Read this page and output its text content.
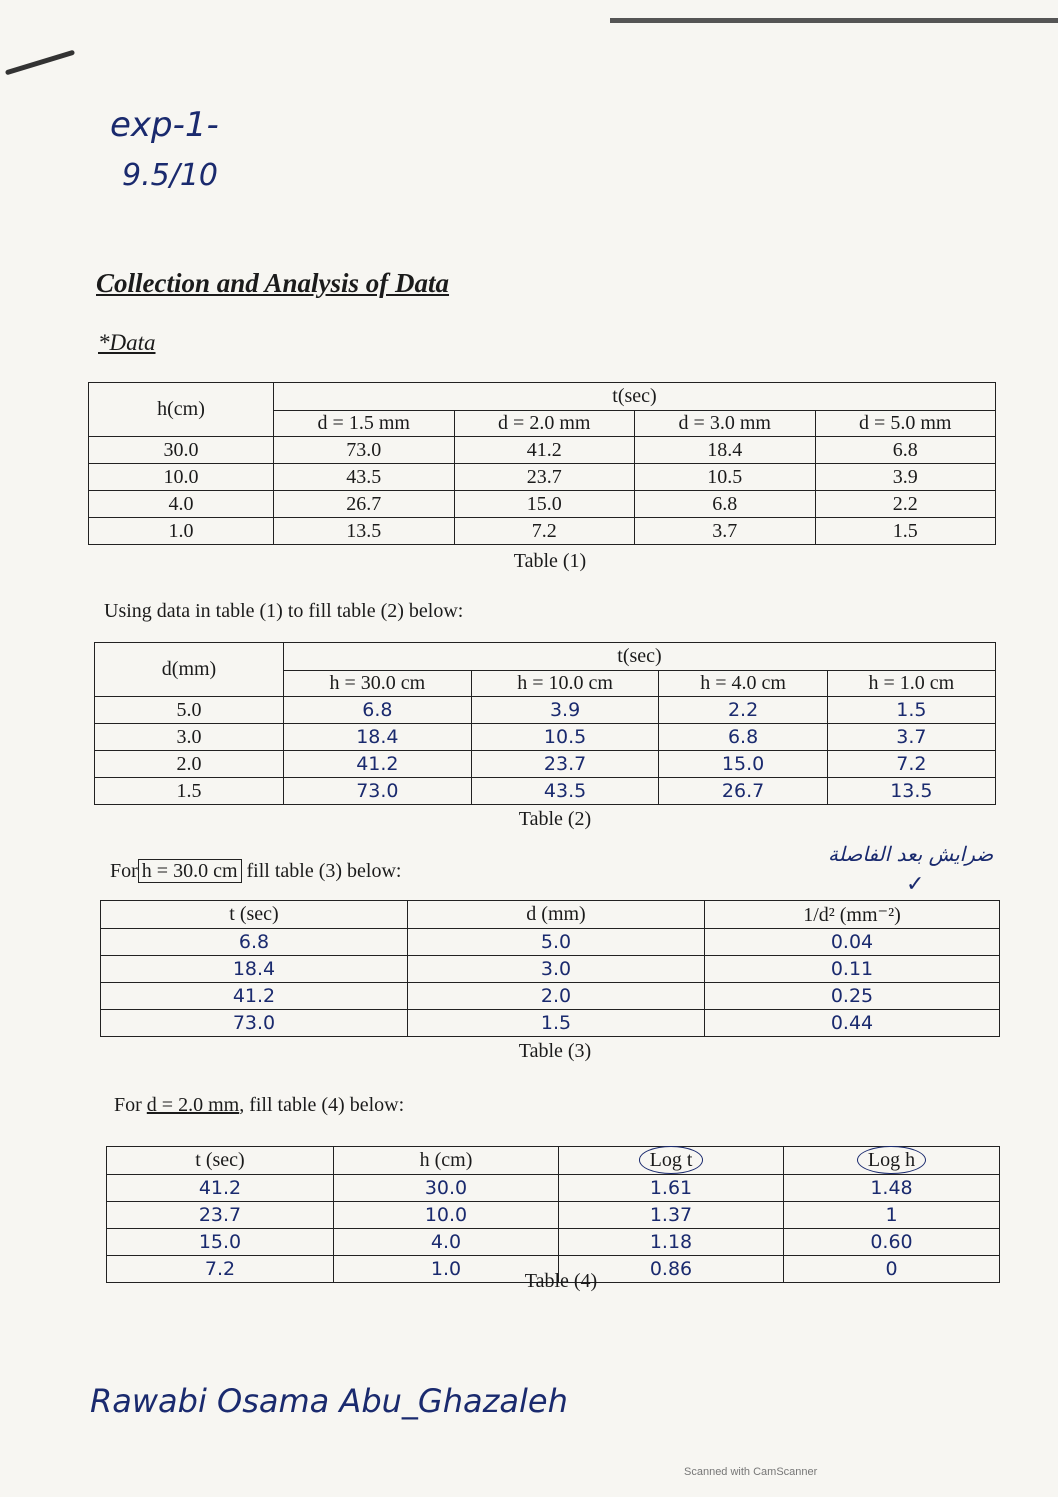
exp-1-
9.5/10
Collection and Analysis of Data
*Data
h(cm)	t(sec)			
	d = 1.5 mm	d = 2.0 mm	d = 3.0 mm	d = 5.0 mm
30.0	73.0	41.2	18.4	6.8
10.0	43.5	23.7	10.5	3.9
4.0	26.7	15.0	6.8	2.2
1.0	13.5	7.2	3.7	1.5
Table (1)
Using data in table (1) to fill table (2) below:
d(mm)	t(sec)			
	h = 30.0 cm	h = 10.0 cm	h = 4.0 cm	h = 1.0 cm
5.0	6.8	3.9	2.2	1.5
3.0	18.4	10.5	6.8	3.7
2.0	41.2	23.7	15.0	7.2
1.5	73.0	43.5	26.7	13.5
Table (2)
For h = 30.0 cm fill table (3) below:
ضرايش بعد الفاصلة
✓
t (sec)	d (mm)	1/d² (mm⁻²)
6.8	5.0	0.04
18.4	3.0	0.11
41.2	2.0	0.25
73.0	1.5	0.44
Table (3)
For d = 2.0 mm, fill table (4) below:
t (sec)	h (cm)	Log t	Log h
41.2	30.0	1.61	1.48
23.7	10.0	1.37	1
15.0	4.0	1.18	0.60
7.2	1.0	0.86	0
Table (4)
Rawabi Osama Abu_Ghazaleh
Scanned with CamScanner
